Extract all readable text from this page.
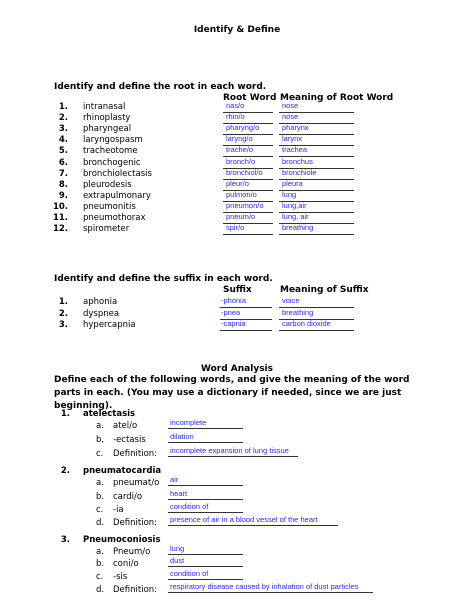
Identify & Define
Identify and define the root in each word.
Root Word Meaning of Root Word
1. intranasal	nas/o	nose
2. rhinoplasty	rhin/o	nose
3. pharyngeal	pharyng/o	pharynx
4. laryngospasm	laryng/o	larynx
5. tracheotome	trache/o	trachea
6. bronchogenic	bronch/o	bronchus
7. bronchiolectasis	bronchiol/o	bronchiole
8. pleurodesis	pleur/o	pleura
9. extrapulmonary	pulmon/o	lung
10. pneumonitis	pneumon/o lung,air
11. pneumothorax	pneum/o	lung, air
12. spirometer	spir/o	breathing
Identify and define the suffix in each word.
Suffix	Meaning of Suffix
1. aphonia	-phonia	voice
2. dyspnea	-pnea	breathing
3. hypercapnia	-capnia	carbon dioxide
Word Analysis
Define each of the following words, and give the meaning of the word parts in each. (You may use a dictionary if needed, since we are just beginning).
1. atelectasis
a. atel/o	incomplete
b. -ectasis	dilation
c. Definition: incomplete expansion of lung tissue
2. pneumatocardia
a. pneumat/o air
b. cardi/o	heart
c. -ia	condition of
d. Definition: presence of air in a blood vessel of the heart
3. Pneumoconiosis
a. Pneum/o	lung
b. coni/o	dust
c. -sis	condition of
d. Definition: respiratory disease caused by inhalation of dust particles
